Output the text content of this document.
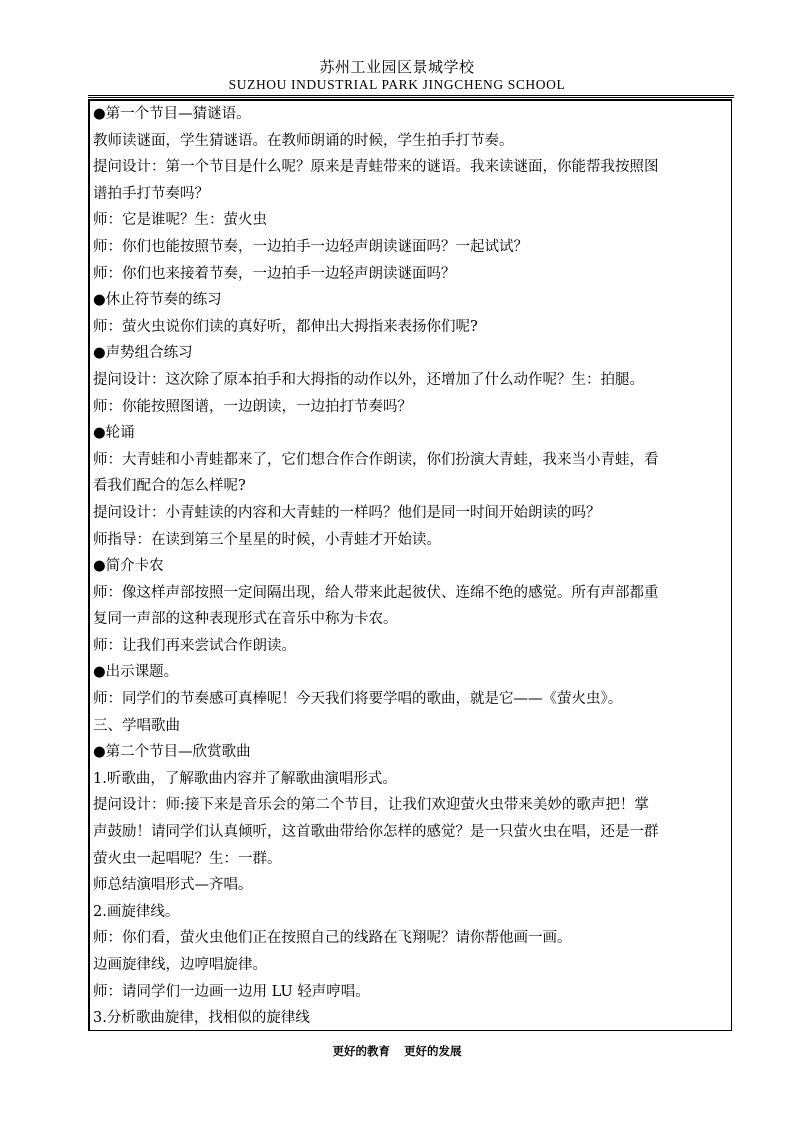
苏州工业园区景城学校
SUZHOU INDUSTRIAL PARK JINGCHENG SCHOOL
●第一个节目—猜谜语。
教师读谜面，学生猜谜语。在教师朗诵的时候，学生拍手打节奏。
提问设计：第一个节目是什么呢？原来是青蛙带来的谜语。我来读谜面，你能帮我按照图
谱拍手打节奏吗？
师：它是谁呢？生：萤火虫
师：你们也能按照节奏，一边拍手一边轻声朗读谜面吗？一起试试？
师：你们也来接着节奏，一边拍手一边轻声朗读谜面吗？
●休止符节奏的练习
师：萤火虫说你们读的真好听，都伸出大拇指来表扬你们呢?
●声势组合练习
提问设计：这次除了原本拍手和大拇指的动作以外，还增加了什么动作呢？生：拍腿。
师：你能按照图谱，一边朗读，一边拍打节奏吗？
●轮诵
师：大青蛙和小青蛙都来了，它们想合作合作朗读，你们扮演大青蛙，我来当小青蛙，看
看我们配合的怎么样呢?
提问设计：小青蛙读的内容和大青蛙的一样吗？他们是同一时间开始朗读的吗？
师指导：在读到第三个星星的时候，小青蛙才开始读。
●简介卡农
师：像这样声部按照一定间隔出现，给人带来此起彼伏、连绵不绝的感觉。所有声部都重
复同一声部的这种表现形式在音乐中称为卡农。
师：让我们再来尝试合作朗读。
●出示课题。
师：同学们的节奏感可真棒呢！今天我们将要学唱的歌曲，就是它——《萤火虫》。
三、学唱歌曲
●第二个节目—欣赏歌曲
1.听歌曲，了解歌曲内容并了解歌曲演唱形式。
提问设计：师:接下来是音乐会的第二个节目，让我们欢迎萤火虫带来美妙的歌声把！掌
声鼓励！请同学们认真倾听，这首歌曲带给你怎样的感觉？是一只萤火虫在唱，还是一群
萤火虫一起唱呢？生：一群。
师总结演唱形式—齐唱。
2.画旋律线。
师：你们看，萤火虫他们正在按照自己的线路在飞翔呢？请你帮他画一画。
边画旋律线，边哼唱旋律。
师：请同学们一边画一边用 LU 轻声哼唱。
3.分析歌曲旋律，找相似的旋律线
更好的教育 更好的发展
